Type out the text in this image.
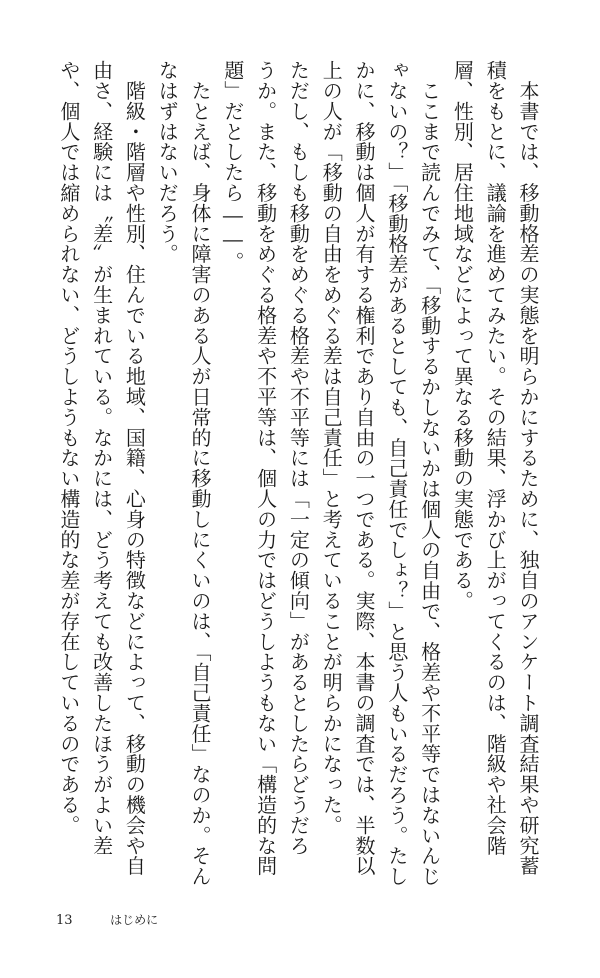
　本書では、移動格差の実態を明らかにするために、独自のアンケート調査結果や研究蓄
積をもとに、議論を進めてみたい。その結果、浮かび上がってくるのは、階級や社会階
層、性別、居住地域などによって異なる移動の実態である。
　ここまで読んでみて、「移動するかしないかは個人の自由で、格差や不平等ではないんじ
ゃないの？」「移動格差があるとしても、自己責任でしょ？」と思う人もいるだろう。たし
かに、移動は個人が有する権利であり自由の一つである。実際、本書の調査では、半数以
上の人が「移動の自由をめぐる差は自己責任」と考えていることが明らかになった。
ただし、もしも移動をめぐる格差や不平等には「一定の傾向」があるとしたらどうだろ
うか。また、移動をめぐる格差や不平等は、個人の力ではどうしようもない「構造的な問
題」だとしたら――。
　たとえば、身体に障害のある人が日常的に移動しにくいのは、「自己責任」なのか。そん
なはずはないだろう。
　階級・階層や性別、住んでいる地域、国籍、心身の特徴などによって、移動の機会や自
由さ、経験には〝差〟が生まれている。なかには、どう考えても改善したほうがよい差
や、個人では縮められない、どうしようもない構造的な差が存在しているのである。
13	はじめに
